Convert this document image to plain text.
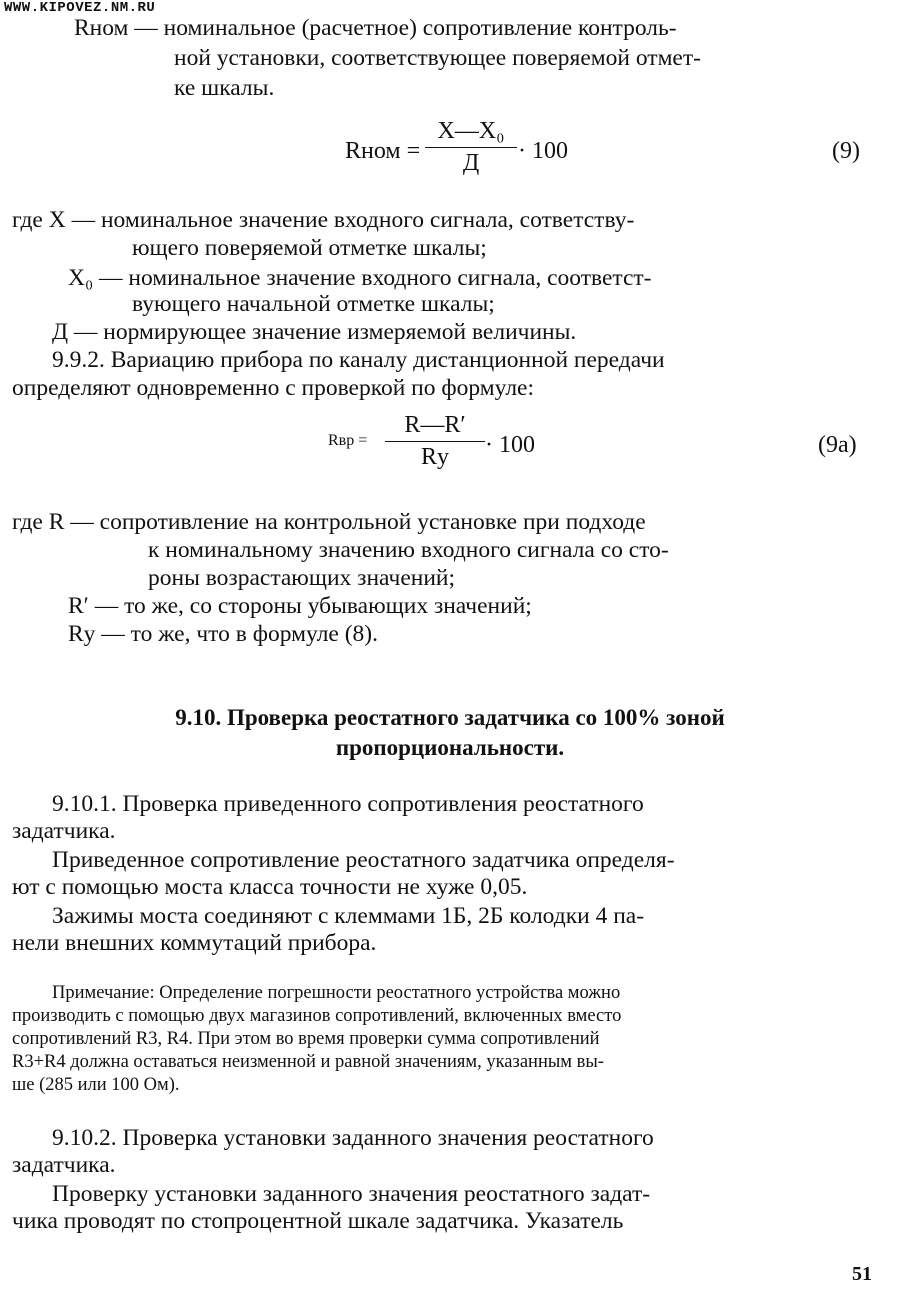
WWW.KIPOVEZ.NM.RU
Rном — номинальное (расчетное) сопротивление контроль-
ной установки, соответствующее поверяемой отмет-
ке шкалы.
Rном =
X—X₀
Д	· 100	(9)
где X — номинальное значение входного сигнала, сответству-
ющего поверяемой отметке шкалы;
X₀ — номинальное значение входного сигнала, соответст-
вующего начальной отметке шкалы;
Д — нормирующее значение измеряемой величины.
9.9.2. Вариацию прибора по каналу дистанционной передачи
определяют одновременно с проверкой по формуле:
Rвр =
R—R′
Rу	· 100	(9а)
где R — сопротивление на контрольной установке при подходе
к номинальному значению входного сигнала со сто-
роны возрастающих значений;
R′ — то же, со стороны убывающих значений;
Rу — то же, что в формуле (8).
9.10. Проверка реостатного задатчика со 100% зоной
пропорциональности.
9.10.1. Проверка приведенного сопротивления реостатного
задатчика.
Приведенное сопротивление реостатного задатчика определя-
ют с помощью моста класса точности не хуже 0,05.
Зажимы моста соединяют с клеммами 1Б, 2Б колодки 4 па-
нели внешних коммутаций прибора.
Примечание: Определение погрешности реостатного устройства можно
производить с помощью двух магазинов сопротивлений, включенных вместо
сопротивлений R3, R4. При этом во время проверки сумма сопротивлений
R3+R4 должна оставаться неизменной и равной значениям, указанным вы-
ше (285 или 100 Ом).
9.10.2. Проверка установки заданного значения реостатного
задатчика.
Проверку установки заданного значения реостатного задат-
чика проводят по стопроцентной шкале задатчика. Указатель
51
